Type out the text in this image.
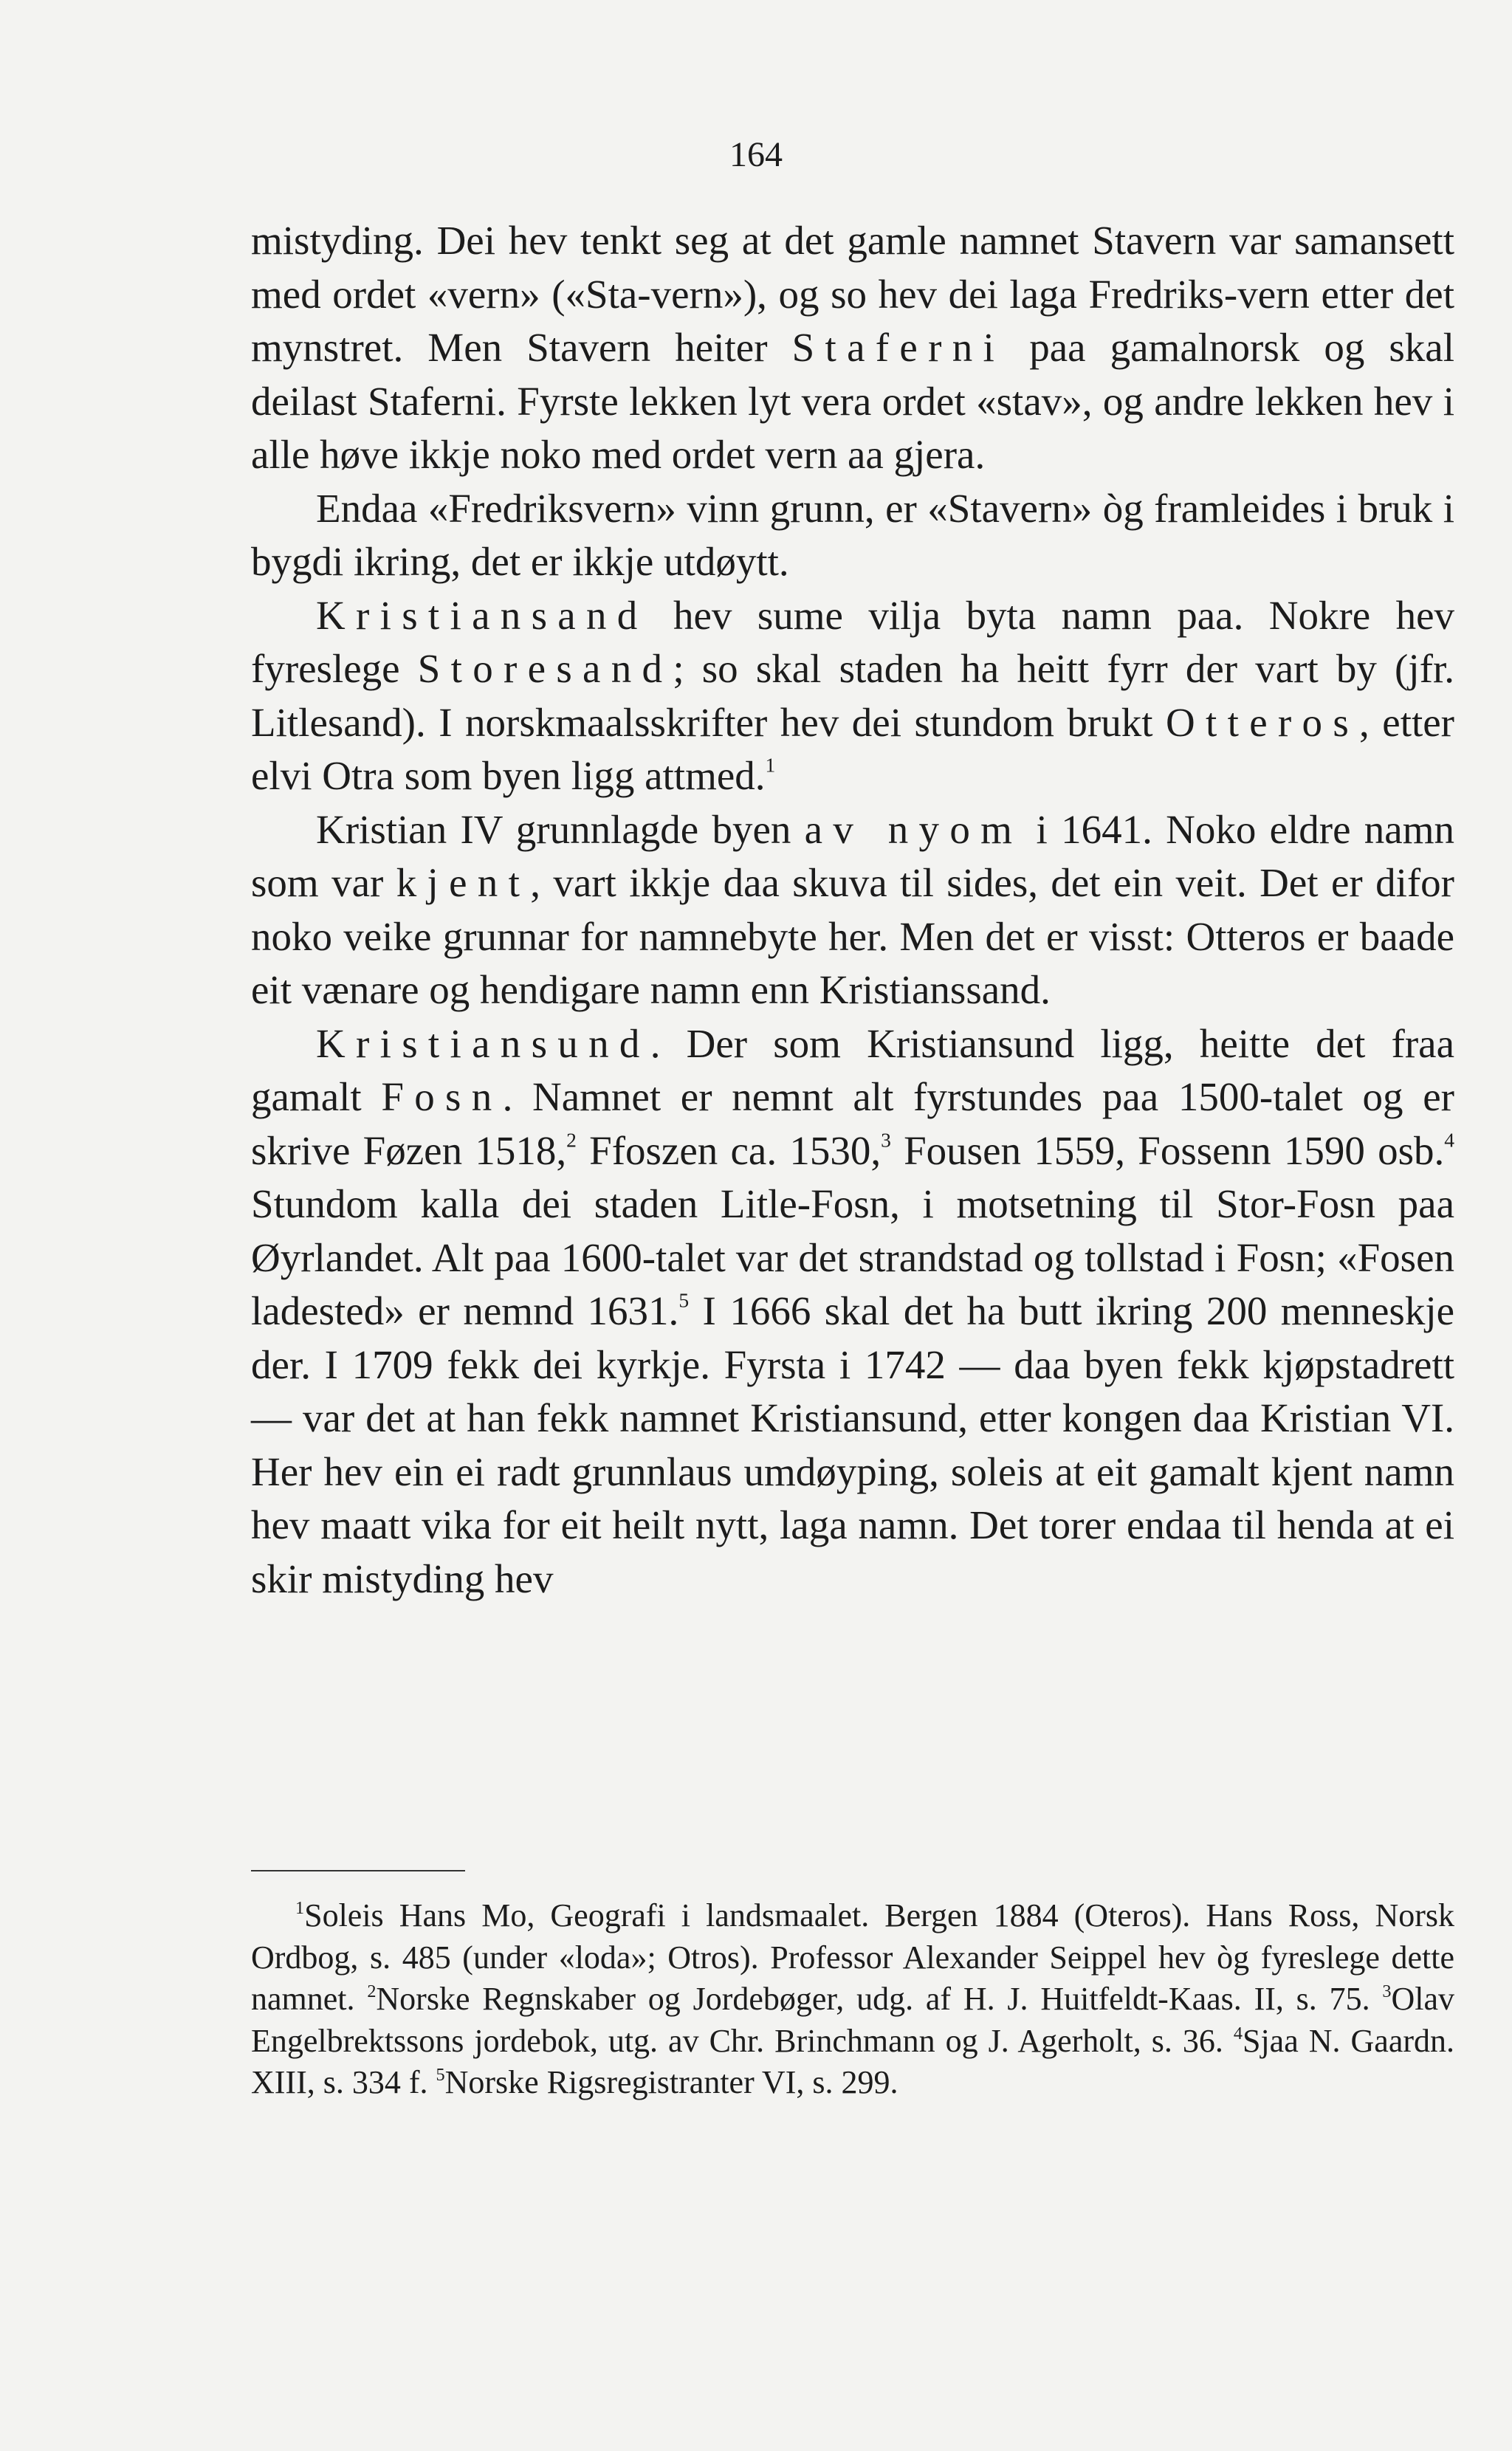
164

mistyding. Dei hev tenkt seg at det gamle namnet Stavern var samansett med ordet «vern» («Sta-vern»), og so hev dei laga Fredriks-vern etter det mynstret. Men Stavern heiter Staferni paa gamalnorsk og skal deilast Staferni. Fyrste lekken lyt vera ordet «stav», og andre lekken hev i alle høve ikkje noko med ordet vern aa gjera.

Endaa «Fredriksvern» vinn grunn, er «Stavern» òg framleides i bruk i bygdi ikring, det er ikkje utdøytt.

Kristiansand hev sume vilja byta namn paa. Nokre hev fyreslege Storesand; so skal staden ha heitt fyrr der vart by (jfr. Litlesand). I norskmaalsskrifter hev dei stundom brukt Otteros, etter elvi Otra som byen ligg attmed.$^1$

Kristian IV grunnlagde byen av nyom i 1641. Noko eldre namn som var kjent, vart ikkje daa skuva til sides, det ein veit. Det er difor noko veike grunnar for namnebyte her. Men det er visst: Otteros er baade eit vænare og hendigare namn enn Kristianssand.

Kristiansund. Der som Kristiansund ligg, heitte det fraa gamalt Fosn. Namnet er nemnt alt fyrstundes paa 1500-talet og er skrive Føzen 1518,$^2$ Ffoszen ca. 1530,$^3$ Fousen 1559, Fossenn 1590 osb.$^4$ Stundom kalla dei staden Litle-Fosn, i motsetning til Stor-Fosn paa Øyrlandet. Alt paa 1600-talet var det strandstad og tollstad i Fosn; «Fosen ladested» er nemnd 1631.$^5$ I 1666 skal det ha butt ikring 200 menneskje der. I 1709 fekk dei kyrkje. Fyrsta i 1742 — daa byen fekk kjøpstadrett — var det at han fekk namnet Kristiansund, etter kongen daa Kristian VI. Her hev ein ei radt grunnlaus umdøyping, soleis at eit gamalt kjent namn hev maatt vika for eit heilt nytt, laga namn. Det torer endaa til henda at ei skir mistyding hev

$^1$Soleis Hans Mo, Geografi i landsmaalet. Bergen 1884 (Oteros). Hans Ross, Norsk Ordbog, s. 485 (under «loda»; Otros). Professor Alexander Seippel hev òg fyreslege dette namnet. $^2$Norske Regnskaber og Jordebøger, udg. af H. J. Huitfeldt-Kaas. II, s. 75. $^3$Olav Engelbrektssons jordebok, utg. av Chr. Brinchmann og J. Agerholt, s. 36. $^4$Sjaa N. Gaardn. XIII, s. 334 f. $^5$Norske Rigsregistranter VI, s. 299.
